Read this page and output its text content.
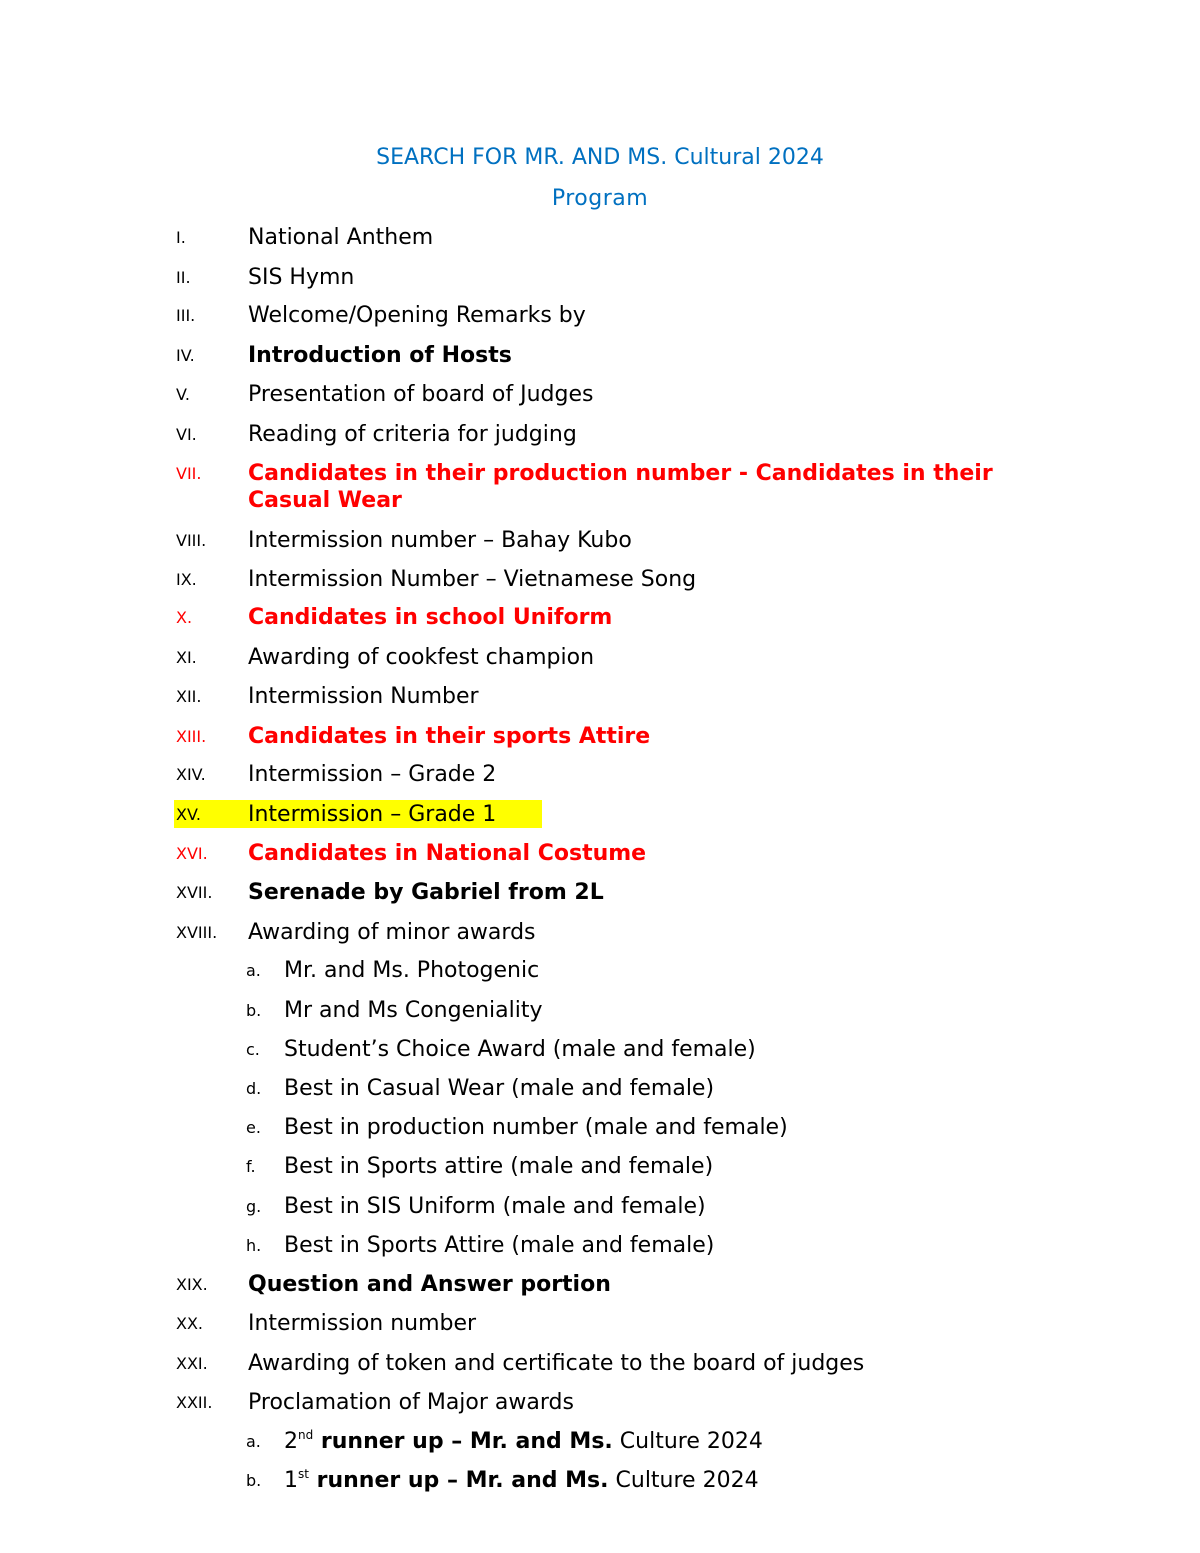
SEARCH FOR MR. AND MS. Cultural 2024
Program
I.	National Anthem
II.	SIS Hymn
III. Welcome/Opening Remarks by
IV. Introduction of Hosts
V.	Presentation of board of Judges
VI. Reading of criteria for judging
VII. Candidates in their production number - Candidates in their Casual Wear
VIII. Intermission number – Bahay Kubo
IX. Intermission Number – Vietnamese Song
X.	Candidates in school Uniform
XI. Awarding of cookfest champion
XII. Intermission Number
XIII. Candidates in their sports Attire
XIV. Intermission – Grade 2
XV. Intermission – Grade 1
XVI. Candidates in National Costume
XVII. Serenade by Gabriel from 2L
XVIII. Awarding of minor awards
a. Mr. and Ms. Photogenic
b. Mr and Ms Congeniality
c. Student’s Choice Award (male and female)
d. Best in Casual Wear (male and female)
e. Best in production number (male and female)
f. Best in Sports attire (male and female)
g. Best in SIS Uniform (male and female)
h. Best in Sports Attire (male and female)
XIX. Question and Answer portion
XX. Intermission number
XXI. Awarding of token and certificate to the board of judges
XXII. Proclamation of Major awards
a. 2nd runner up – Mr. and Ms. Culture 2024
b. 1st runner up – Mr. and Ms. Culture 2024
